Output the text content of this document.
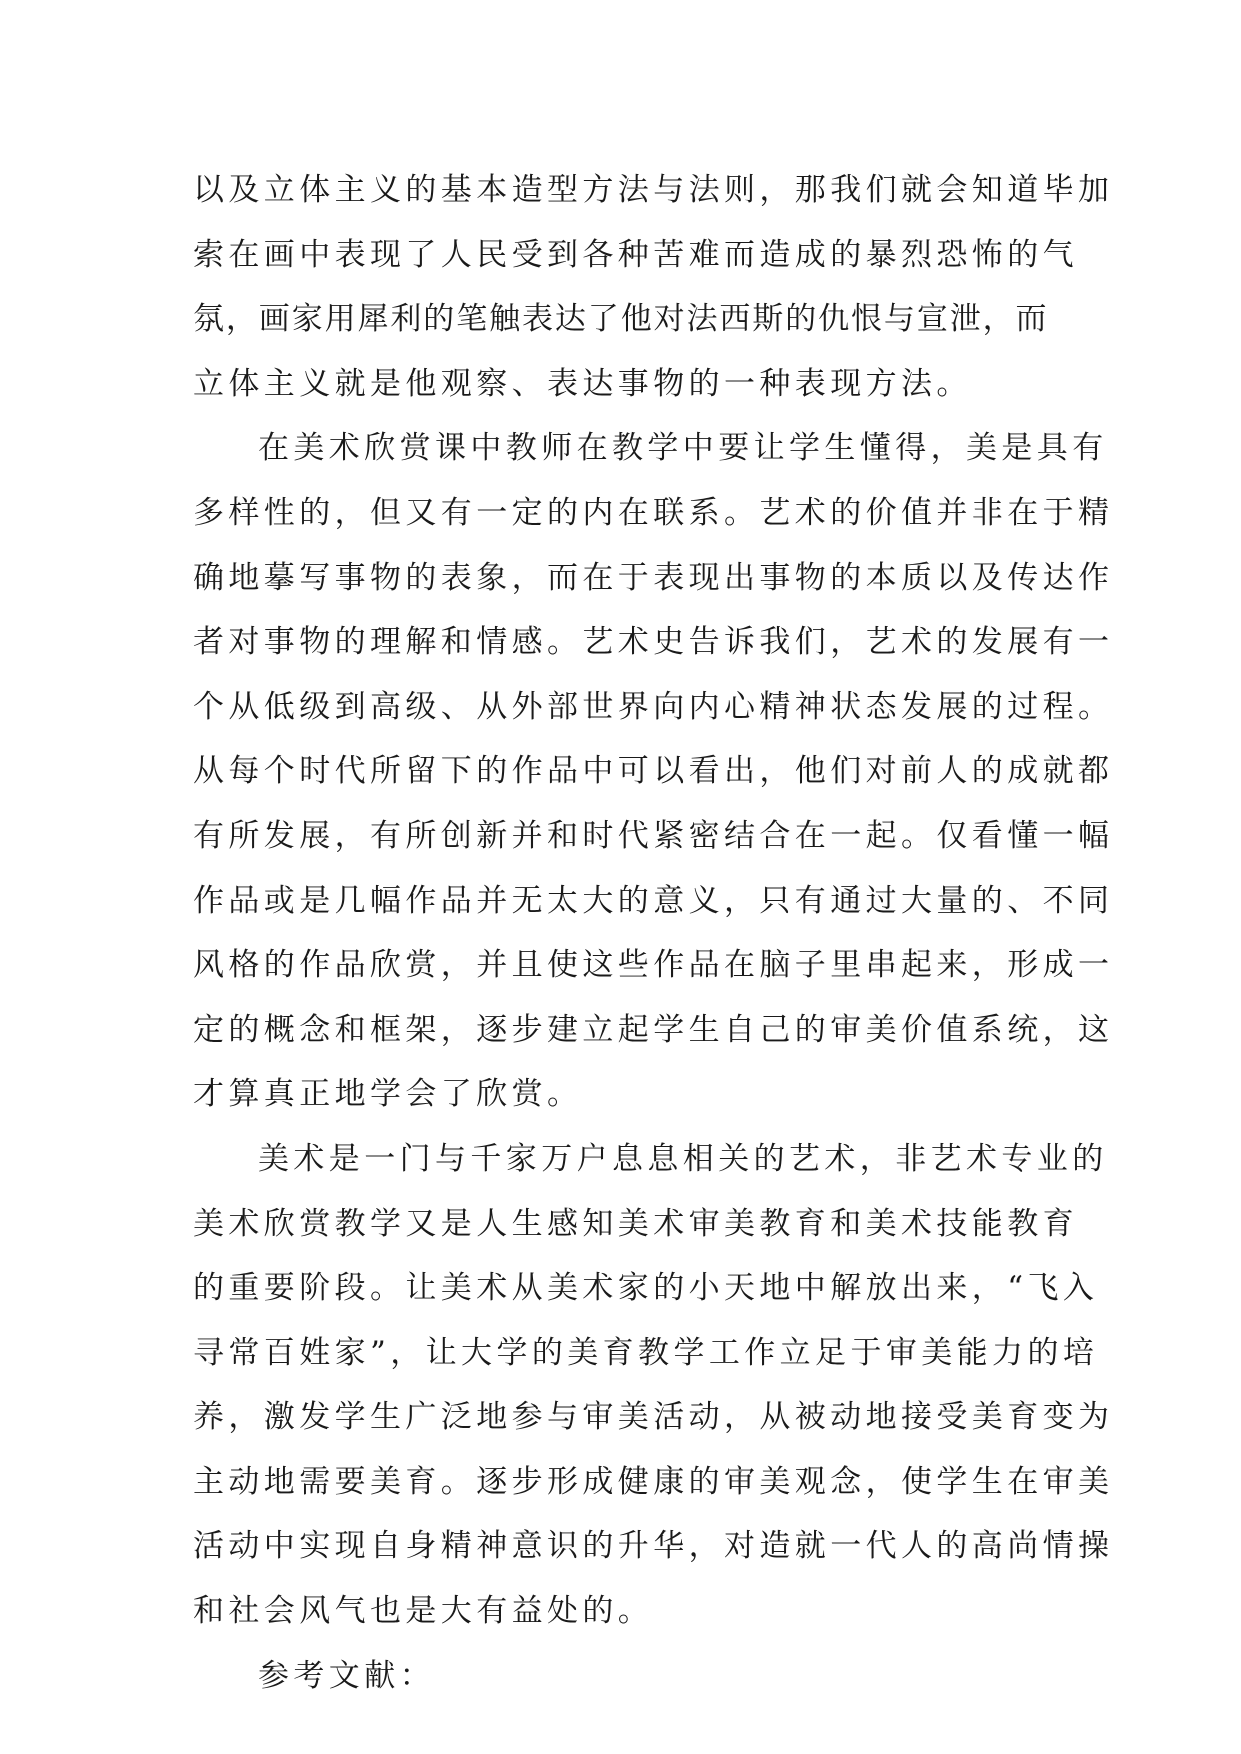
以及立体主义的基本造型方法与法则，那我们就会知道毕加
索在画中表现了人民受到各种苦难而造成的暴烈恐怖的气
氛，画家用犀利的笔触表达了他对法西斯的仇恨与宣泄，而
立体主义就是他观察、表达事物的一种表现方法。
在美术欣赏课中教师在教学中要让学生懂得，美是具有
多样性的，但又有一定的内在联系。艺术的价值并非在于精
确地摹写事物的表象，而在于表现出事物的本质以及传达作
者对事物的理解和情感。艺术史告诉我们，艺术的发展有一
个从低级到高级、从外部世界向内心精神状态发展的过程。
从每个时代所留下的作品中可以看出，他们对前人的成就都
有所发展，有所创新并和时代紧密结合在一起。仅看懂一幅
作品或是几幅作品并无太大的意义，只有通过大量的、不同
风格的作品欣赏，并且使这些作品在脑子里串起来，形成一
定的概念和框架，逐步建立起学生自己的审美价值系统，这
才算真正地学会了欣赏。
美术是一门与千家万户息息相关的艺术，非艺术专业的
美术欣赏教学又是人生感知美术审美教育和美术技能教育
的重要阶段。让美术从美术家的小天地中解放出来，“飞入
寻常百姓家”，让大学的美育教学工作立足于审美能力的培
养，激发学生广泛地参与审美活动，从被动地接受美育变为
主动地需要美育。逐步形成健康的审美观念，使学生在审美
活动中实现自身精神意识的升华，对造就一代人的高尚情操
和社会风气也是大有益处的。
参考文献：
